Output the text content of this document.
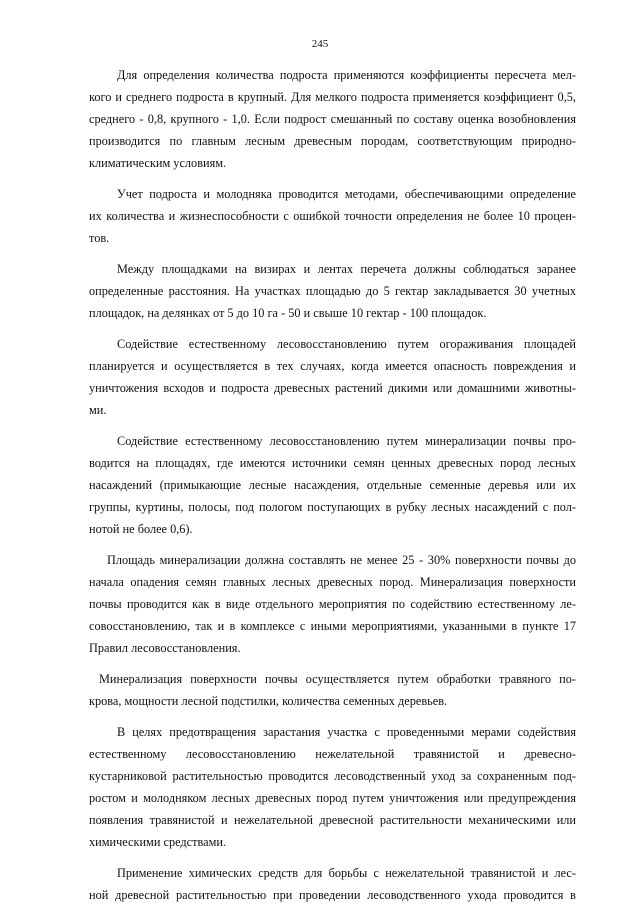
245
Для определения количества подроста применяются коэффициенты пересчета мел-
кого и среднего подроста в крупный. Для мелкого подроста применяется коэффициент 0,5,
среднего - 0,8, крупного - 1,0. Если подрост смешанный по составу оценка возобновления
производится по главным лесным древесным породам, соответствующим природно-
климатическим условиям.
Учет подроста и молодняка проводится методами, обеспечивающими определение
их количества и жизнеспособности с ошибкой точности определения не более 10 процен-
тов.
Между площадками на визирах и лентах перечета должны соблюдаться заранее
определенные расстояния. На участках площадью до 5 гектар закладывается 30 учетных
площадок, на делянках от 5 до 10 га - 50 и свыше 10 гектар - 100 площадок.
Содействие естественному лесовосстановлению путем огораживания площадей
планируется и осуществляется в тех случаях, когда имеется опасность повреждения и
уничтожения всходов и подроста древесных растений дикими или домашними животны-
ми.
Содействие естественному лесовосстановлению путем минерализации почвы про-
водится на площадях, где имеются источники семян ценных древесных пород лесных
насаждений (примыкающие лесные насаждения, отдельные семенные деревья или их
группы, куртины, полосы, под пологом поступающих в рубку лесных насаждений с пол-
нотой не более 0,6).
Площадь минерализации должна составлять не менее 25 - 30% поверхности почвы до
начала опадения семян главных лесных древесных пород. Минерализация поверхности
почвы проводится как в виде отдельного мероприятия по содействию естественному ле-
совосстановлению, так и в комплексе с иными мероприятиями, указанными в пункте 17
Правил лесовосстановления.
Минерализация поверхности почвы осуществляется путем обработки травяного по-
крова, мощности лесной подстилки, количества семенных деревьев.
В целях предотвращения зарастания участка с проведенными мерами содействия
естественному лесовосстановлению нежелательной травянистой и древесно-
кустарниковой растительностью проводится лесоводственный уход за сохраненным под-
ростом и молодняком лесных древесных пород путем уничтожения или предупреждения
появления травянистой и нежелательной древесной растительности механическими или
химическими средствами.
Применение химических средств для борьбы с нежелательной травянистой и лес-
ной древесной растительностью при проведении лесоводственного ухода проводится в
